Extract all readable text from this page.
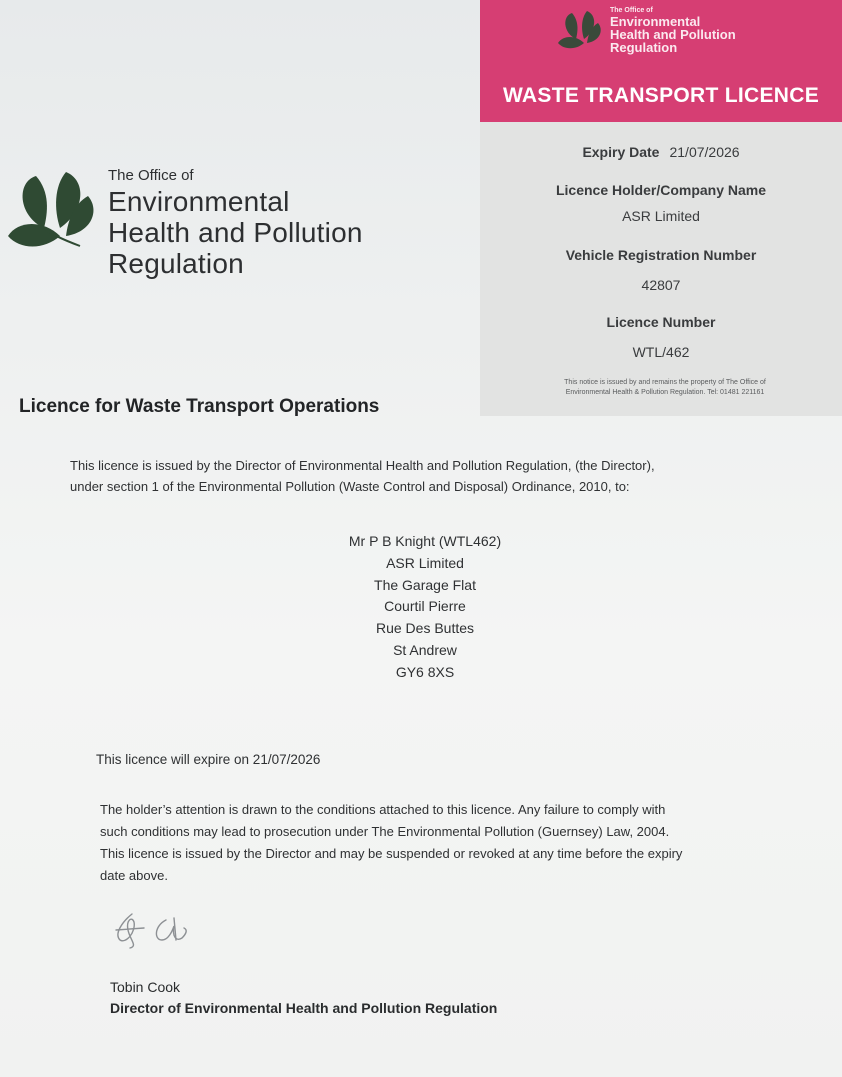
The Office of
Environmental
Health and Pollution
Regulation
The Office of
Environmental
Health and Pollution
Regulation
WASTE TRANSPORT LICENCE
Expiry Date 21/07/2026
Licence Holder/Company Name
ASR Limited
Vehicle Registration Number
42807
Licence Number
WTL/462
This notice is issued by and remains the property of The Office of
Environmental Health & Pollution Regulation. Tel: 01481 221161
Licence for Waste Transport Operations
This licence is issued by the Director of Environmental Health and Pollution Regulation, (the Director),
under section 1 of the Environmental Pollution (Waste Control and Disposal) Ordinance, 2010, to:
Mr P B Knight (WTL462)
ASR Limited
The Garage Flat
Courtil Pierre
Rue Des Buttes
St Andrew
GY6 8XS
This licence will expire on 21/07/2026
The holder’s attention is drawn to the conditions attached to this licence. Any failure to comply with
such conditions may lead to prosecution under The Environmental Pollution (Guernsey) Law, 2004.
This licence is issued by the Director and may be suspended or revoked at any time before the expiry
date above.
Tobin Cook
Director of Environmental Health and Pollution Regulation
